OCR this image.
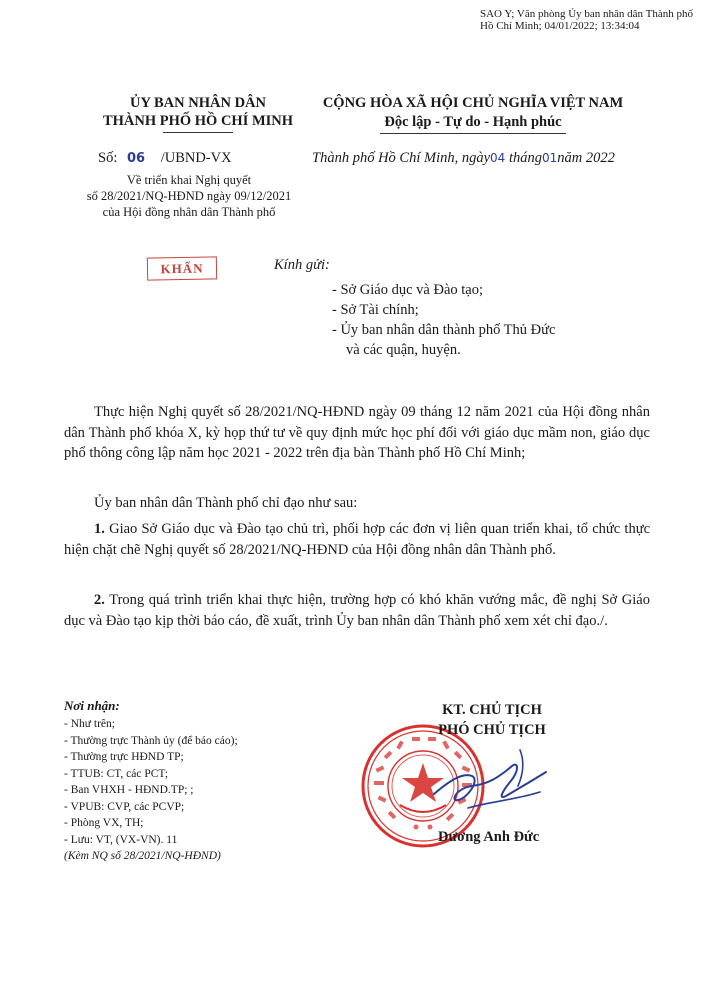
SAO Y; Văn phòng Ủy ban nhân dân Thành phố Hồ Chí Minh; 04/01/2022; 13:34:04
ỦY BAN NHÂN DÂN
THÀNH PHỐ HỒ CHÍ MINH
CỘNG HÒA XÃ HỘI CHỦ NGHĨA VIỆT NAM
Độc lập - Tự do - Hạnh phúc
Số: 06 /UBND-VX	Thành phố Hồ Chí Minh, ngày04 tháng01năm 2022
Về triển khai Nghị quyết
số 28/2021/NQ-HĐND ngày 09/12/2021
của Hội đồng nhân dân Thành phố
KHẨN	Kính gửi:
- Sở Giáo dục và Đào tạo;
- Sở Tài chính;
- Ủy ban nhân dân thành phố Thủ Đức
và các quận, huyện.
Thực hiện Nghị quyết số 28/2021/NQ-HĐND ngày 09 tháng 12 năm 2021 của Hội đồng nhân dân Thành phố khóa X, kỳ họp thứ tư về quy định mức học phí đối với giáo dục mầm non, giáo dục phổ thông công lập năm học 2021 - 2022 trên địa bàn Thành phố Hồ Chí Minh;
Ủy ban nhân dân Thành phố chỉ đạo như sau:
1. Giao Sở Giáo dục và Đào tạo chủ trì, phối hợp các đơn vị liên quan triển khai, tổ chức thực hiện chặt chẽ Nghị quyết số 28/2021/NQ-HĐND của Hội đồng nhân dân Thành phố.
2. Trong quá trình triển khai thực hiện, trường hợp có khó khăn vướng mắc, đề nghị Sở Giáo dục và Đào tạo kịp thời báo cáo, đề xuất, trình Ủy ban nhân dân Thành phố xem xét chỉ đạo./.
Nơi nhận:
- Như trên;
- Thường trực Thành ủy (để báo cáo);
- Thường trực HĐND TP;
- TTUB: CT, các PCT;
- Ban VHXH - HĐND.TP; ;
- VPUB: CVP, các PCVP;
- Phòng VX, TH;
- Lưu: VT, (VX-VN). 11
(Kèm NQ số 28/2021/NQ-HĐND)
KT. CHỦ TỊCH
PHÓ CHỦ TỊCH
Dương Anh Đức
